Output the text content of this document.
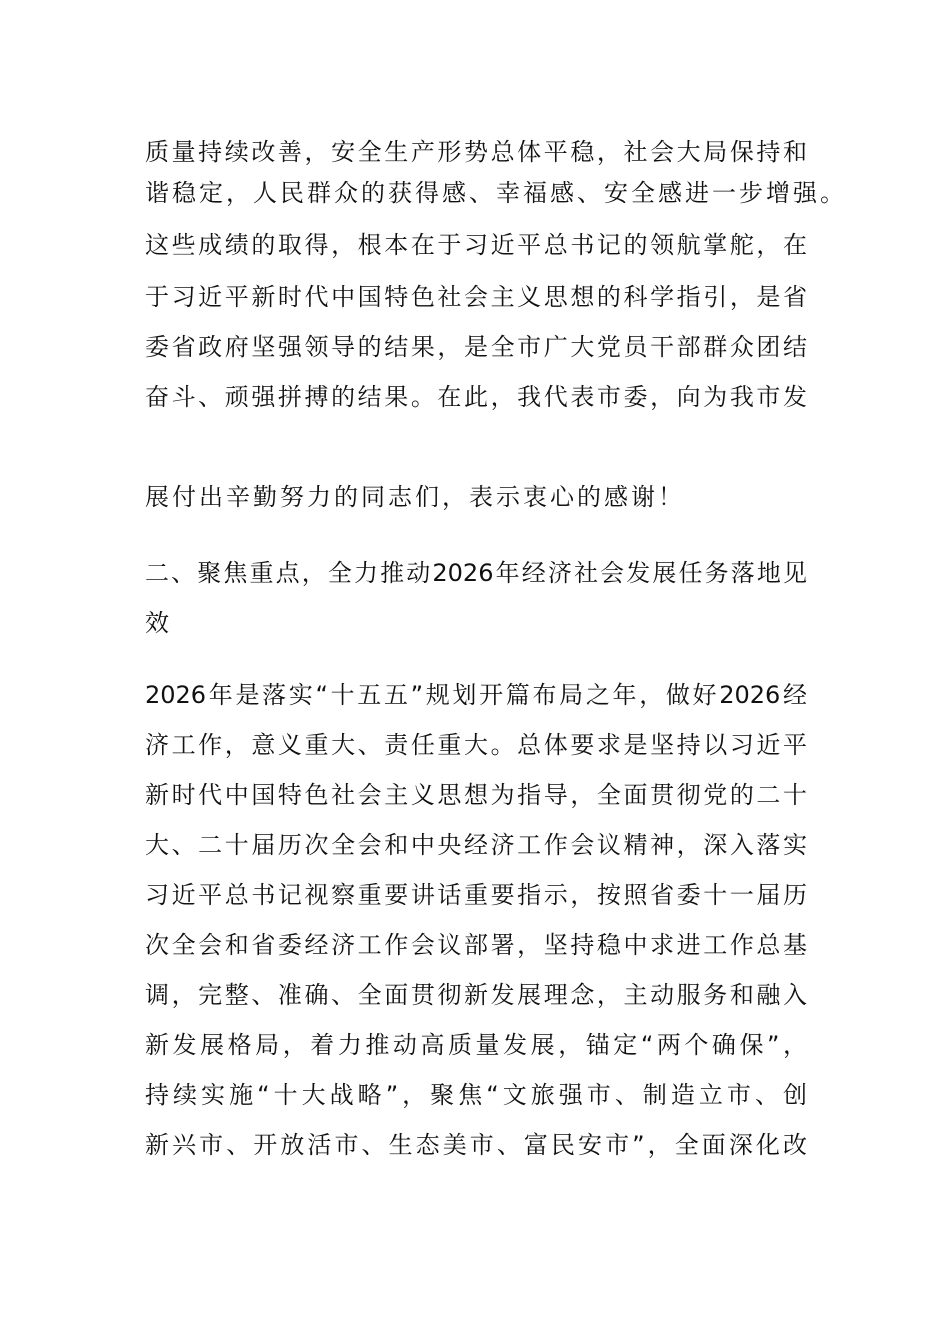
质量持续改善，安全生产形势总体平稳，社会大局保持和
谐稳定，人民群众的获得感、幸福感、安全感进一步增强。
这些成绩的取得，根本在于习近平总书记的领航掌舵，在
于习近平新时代中国特色社会主义思想的科学指引，是省
委省政府坚强领导的结果，是全市广大党员干部群众团结
奋斗、顽强拼搏的结果。在此，我代表市委，向为我市发
展付出辛勤努力的同志们，表示衷心的感谢！
二、聚焦重点，全力推动2026年经济社会发展任务落地见
效
2026年是落实“十五五”规划开篇布局之年，做好2026经
济工作，意义重大、责任重大。总体要求是坚持以习近平
新时代中国特色社会主义思想为指导，全面贯彻党的二十
大、二十届历次全会和中央经济工作会议精神，深入落实
习近平总书记视察重要讲话重要指示，按照省委十一届历
次全会和省委经济工作会议部署，坚持稳中求进工作总基
调，完整、准确、全面贯彻新发展理念，主动服务和融入
新发展格局，着力推动高质量发展，锚定“两个确保”，
持续实施“十大战略”，聚焦“文旅强市、制造立市、创
新兴市、开放活市、生态美市、富民安市”，全面深化改
